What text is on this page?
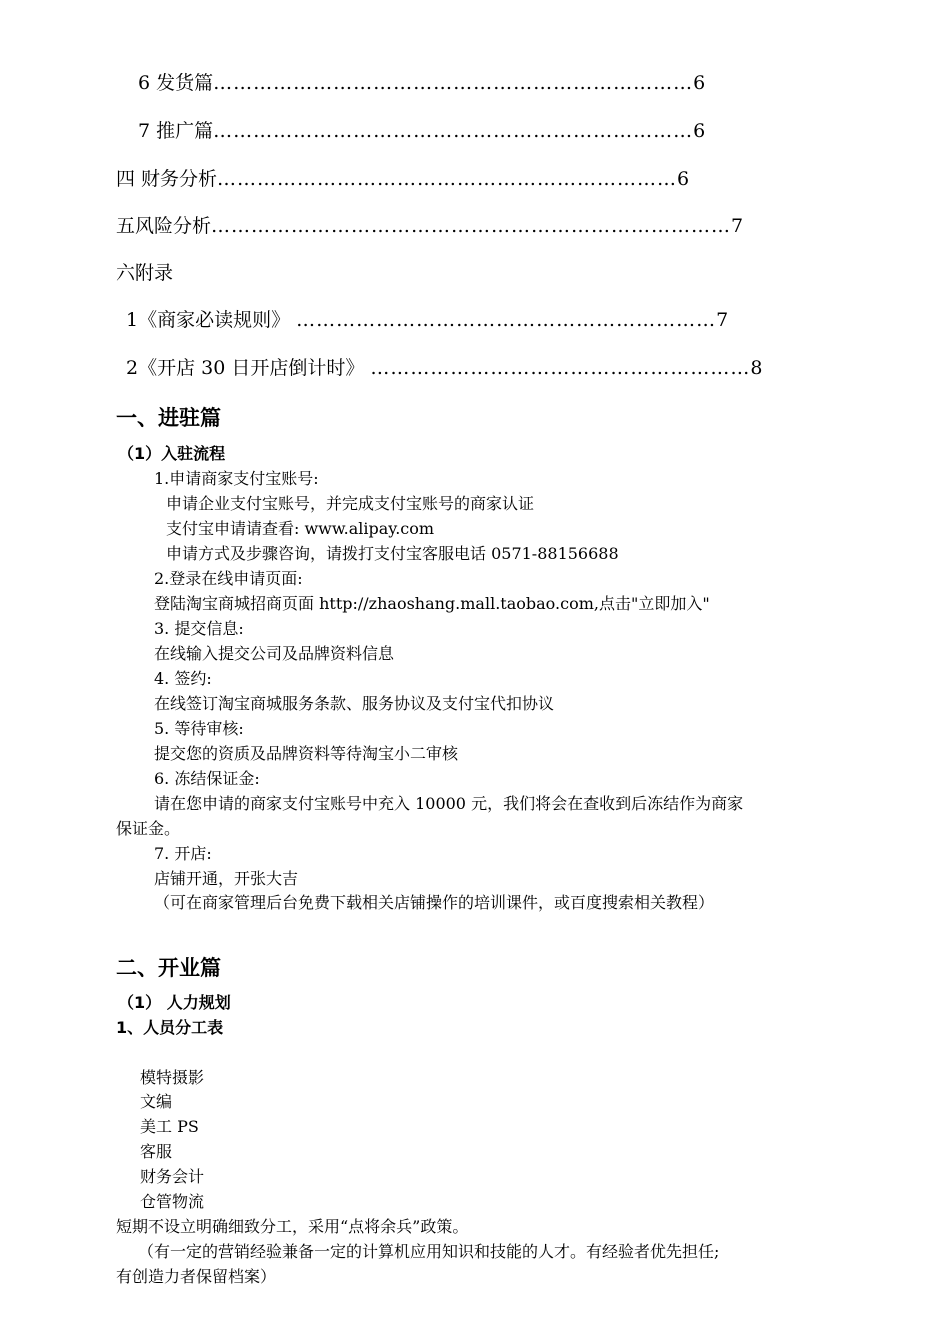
6 发货篇………………………………………………………………6
7 推广篇………………………………………………………………6
四 财务分析……………………………………………………………6
五风险分析……………………………………………………………………7
六附录
1《商家必读规则》 ………………………………………………………7
2《开店 30 日开店倒计时》 …………………………………………………8
一、进驻篇
（1）入驻流程
1.申请商家支付宝账号:
申请企业支付宝账号，并完成支付宝账号的商家认证
支付宝申请请查看: www.alipay.com
申请方式及步骤咨询，请拨打支付宝客服电话 0571-88156688
2.登录在线申请页面:
登陆淘宝商城招商页面 http://zhaoshang.mall.taobao.com,点击"立即加入"
3. 提交信息:
在线输入提交公司及品牌资料信息
4. 签约:
在线签订淘宝商城服务条款、服务协议及支付宝代扣协议
5. 等待审核:
提交您的资质及品牌资料等待淘宝小二审核
6. 冻结保证金:
请在您申请的商家支付宝账号中充入 10000 元，我们将会在查收到后冻结作为商家
保证金。
7. 开店:
店铺开通，开张大吉
（可在商家管理后台免费下载相关店铺操作的培训课件，或百度搜索相关教程）
二、开业篇
（1） 人力规划
1、人员分工表
模特摄影
文编
美工 PS
客服
财务会计
仓管物流
短期不设立明确细致分工，采用“点将余兵”政策。
（有一定的营销经验兼备一定的计算机应用知识和技能的人才。有经验者优先担任;
有创造力者保留档案）
